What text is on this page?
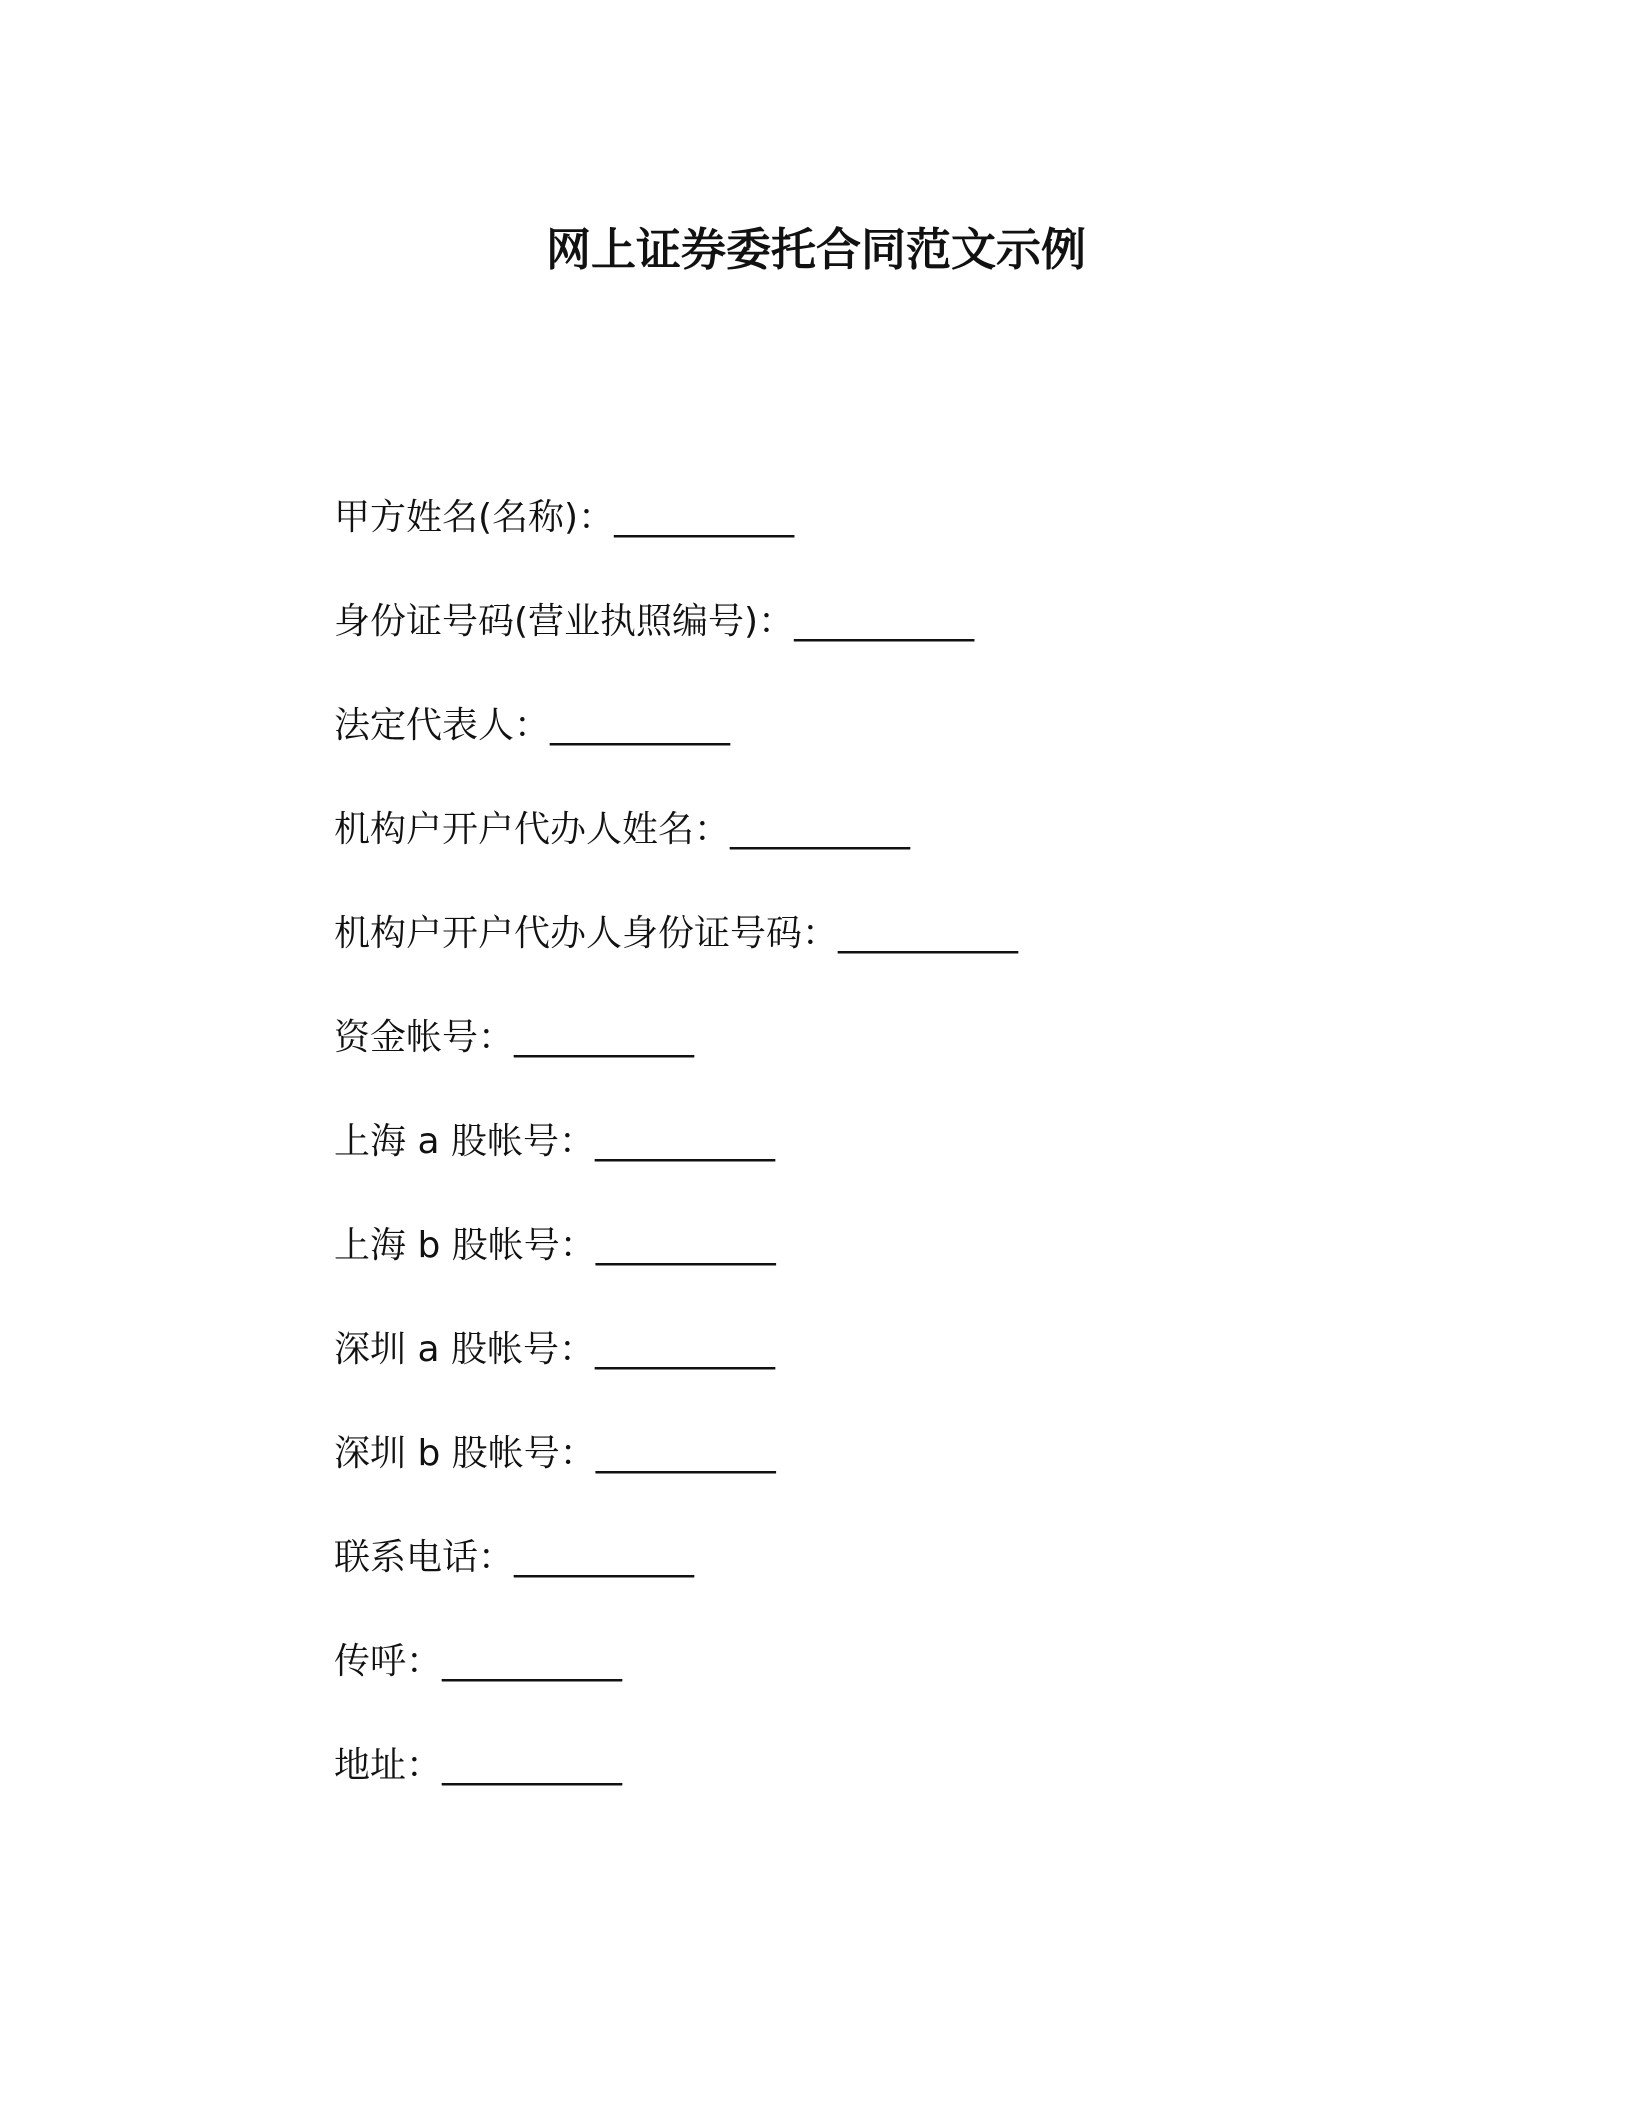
网上证券委托合同范文示例
甲方姓名(名称)：__________
身份证号码(营业执照编号)：__________
法定代表人：__________
机构户开户代办人姓名：__________
机构户开户代办人身份证号码：__________
资金帐号：__________
上海 a 股帐号：__________
上海 b 股帐号：__________
深圳 a 股帐号：__________
深圳 b 股帐号：__________
联系电话：__________
传呼：__________
地址：__________
